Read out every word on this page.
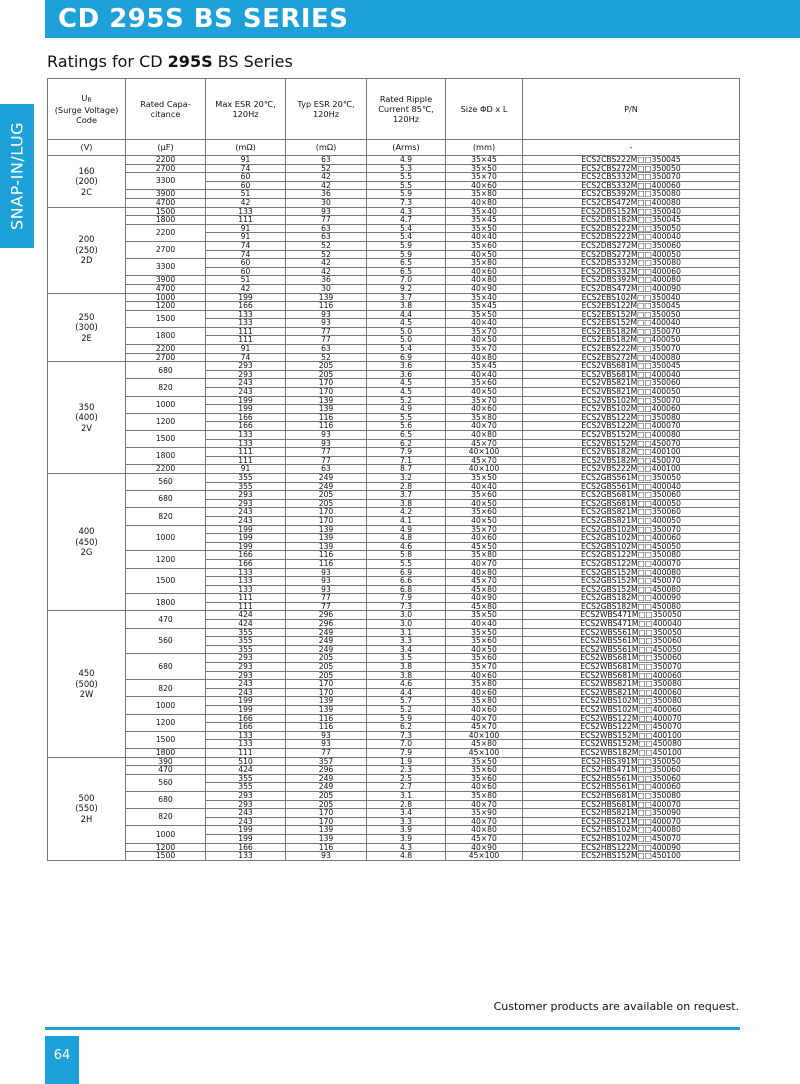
CD 295S BS SERIES
SNAP-IN/LUG
Ratings for CD 295S BS Series
UR
(Surge Voltage) Code	Rated Capa- citance	Max ESR 20℃, 120Hz	Typ ESR 20℃, 120Hz	Rated Ripple Current 85℃, 120Hz	Size ΦD x L	P/N
(V)	(μF)	(mΩ)	(mΩ)	(Arms)	(mm)	-
160
(200)
2C	2200	91	63	4.9	35×45	ECS2CBS222M□□350045
	2700	74	52	5.3	35×50	ECS2CBS272M□□350050
	3300	60	42	5.5	35×70	ECS2CBS332M□□350070
		60	42	5.5	40×60	ECS2CBS332M□□400060
	3900	51	36	5.9	35×80	ECS2CBS392M□□350080
	4700	42	30	7.3	40×80	ECS2CBS472M□□400080
200
(250)
2D	1500	133	93	4.3	35×40	ECS2DBS152M□□350040
	1800	111	77	4.7	35×45	ECS2DBS182M□□350045
	2200	91	63	5.4	35×50	ECS2DBS222M□□350050
		91	63	5.4	40×40	ECS2DBS222M□□400040
	2700	74	52	5.9	35×60	ECS2DBS272M□□350060
		74	52	5.9	40×50	ECS2DBS272M□□400050
	3300	60	42	6.5	35×80	ECS2DBS332M□□350080
		60	42	6.5	40×60	ECS2DBS332M□□400060
	3900	51	36	7.0	40×80	ECS2DBS392M□□400080
	4700	42	30	9.2	40×90	ECS2DBS472M□□400090
250
(300)
2E	1000	199	139	3.7	35×40	ECS2EBS102M□□350040
	1200	166	116	3.8	35×45	ECS2EBS122M□□350045
	1500	133	93	4.4	35×50	ECS2EBS152M□□350050
		133	93	4.5	40×40	ECS2EBS152M□□400040
	1800	111	77	5.0	35×70	ECS2EBS182M□□350070
		111	77	5.0	40×50	ECS2EBS182M□□400050
	2200	91	63	5.4	35×70	ECS2EBS222M□□350070
	2700	74	52	6.9	40×80	ECS2EBS272M□□400080
350
(400)
2V	680	293	205	3.6	35×45	ECS2VBS681M□□350045
		293	205	3.6	40×40	ECS2VBS681M□□400040
	820	243	170	4.5	35×60	ECS2VBS821M□□350060
		243	170	4.5	40×50	ECS2VBS821M□□400050
	1000	199	139	5.2	35×70	ECS2VBS102M□□350070
		199	139	4.9	40×60	ECS2VBS102M□□400060
	1200	166	116	5.5	35×80	ECS2VBS122M□□350080
		166	116	5.6	40×70	ECS2VBS122M□□400070
	1500	133	93	6.5	40×80	ECS2VBS152M□□400080
		133	93	6.2	45×70	ECS2VBS152M□□450070
	1800	111	77	7.9	40×100	ECS2VBS182M□□400100
		111	77	7.1	45×70	ECS2VBS182M□□450070
	2200	91	63	8.7	40×100	ECS2VBS222M□□400100
400
(450)
2G	560	355	249	3.2	35×50	ECS2GBS561M□□350050
		355	249	2.8	40×40	ECS2GBS561M□□400040
	680	293	205	3.7	35×60	ECS2GBS681M□□350060
		293	205	3.8	40×50	ECS2GBS681M□□400050
	820	243	170	4.2	35×60	ECS2GBS821M□□350060
		243	170	4.1	40×50	ECS2GBS821M□□400050
	1000	199	139	4.9	35×70	ECS2GBS102M□□350070
		199	139	4.8	40×60	ECS2GBS102M□□400060
		199	139	4.6	45×50	ECS2GBS102M□□450050
	1200	166	116	5.8	35×80	ECS2GBS122M□□350080
		166	116	5.5	40×70	ECS2GBS122M□□400070
	1500	133	93	6.9	40×80	ECS2GBS152M□□400080
		133	93	6.6	45×70	ECS2GBS152M□□450070
		133	93	6.8	45×80	ECS2GBS152M□□450080
	1800	111	77	7.9	40×90	ECS2GBS182M□□400090
		111	77	7.3	45×80	ECS2GBS182M□□450080
450
(500)
2W	470	424	296	3.0	35×50	ECS2WBS471M□□350050
		424	296	3.0	40×40	ECS2WBS471M□□400040
	560	355	249	3.1	35×50	ECS2WBS561M□□350050
		355	249	3.3	35×60	ECS2WBS561M□□350060
		355	249	3.4	40×50	ECS2WBS561M□□450050
	680	293	205	3.5	35×60	ECS2WBS681M□□350060
		293	205	3.8	35×70	ECS2WBS681M□□350070
		293	205	3.8	40×60	ECS2WBS681M□□400060
	820	243	170	4.6	35×80	ECS2WBS821M□□350080
		243	170	4.4	40×60	ECS2WBS821M□□400060
	1000	199	139	5.7	35×80	ECS2WBS102M□□350080
		199	139	5.2	40×60	ECS2WBS102M□□400060
	1200	166	116	5.9	40×70	ECS2WBS122M□□400070
		166	116	6.2	45×70	ECS2WBS122M□□450070
	1500	133	93	7.3	40×100	ECS2WBS152M□□400100
		133	93	7.0	45×80	ECS2WBS152M□□450080
	1800	111	77	7.9	45×100	ECS2WBS182M□□450100
500
(550)
2H	390	510	357	1.9	35×50	ECS2HBS391M□□350050
	470	424	296	2.3	35×60	ECS2HBS471M□□350060
	560	355	249	2.5	35×60	ECS2HBS561M□□350060
		355	249	2.7	40×60	ECS2HBS561M□□400060
	680	293	205	3.1	35×80	ECS2HBS681M□□350080
		293	205	2.8	40×70	ECS2HBS681M□□400070
	820	243	170	3.4	35×90	ECS2HBS821M□□350090
		243	170	3.3	40×70	ECS2HBS821M□□400070
	1000	199	139	3.9	40×80	ECS2HBS102M□□400080
		199	139	3.9	45×70	ECS2HBS102M□□450070
	1200	166	116	4.3	40×90	ECS2HBS122M□□400090
	1500	133	93	4.8	45×100	ECS2HBS152M□□450100
Customer products are available on request.
64
